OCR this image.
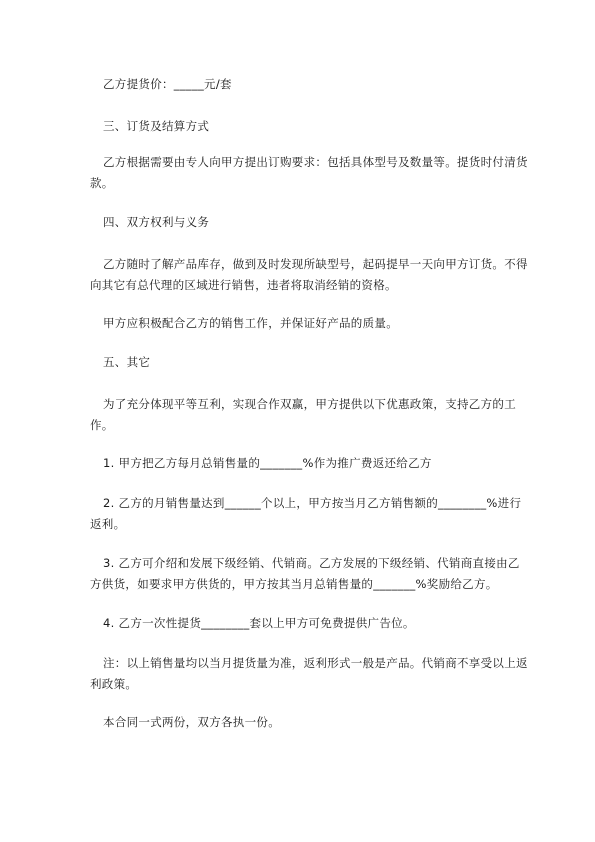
乙方提货价：_____元/套

三、订货及结算方式

乙方根据需要由专人向甲方提出订购要求：包括具体型号及数量等。提货时付清货款。

四、双方权利与义务

乙方随时了解产品库存，做到及时发现所缺型号，起码提早一天向甲方订货。不得向其它有总代理的区域进行销售，违者将取消经销的资格。

甲方应积极配合乙方的销售工作，并保证好产品的质量。

五、其它

为了充分体现平等互利，实现合作双赢，甲方提供以下优惠政策，支持乙方的工作。

1. 甲方把乙方每月总销售量的_______%作为推广费返还给乙方

2. 乙方的月销售量达到______个以上，甲方按当月乙方销售额的________%进行返利。

3. 乙方可介绍和发展下级经销、代销商。乙方发展的下级经销、代销商直接由乙方供货，如要求甲方供货的，甲方按其当月总销售量的_______%奖励给乙方。

4. 乙方一次性提货________套以上甲方可免费提供广告位。

注：以上销售量均以当月提货量为准，返利形式一般是产品。代销商不享受以上返利政策。

本合同一式两份，双方各执一份。
